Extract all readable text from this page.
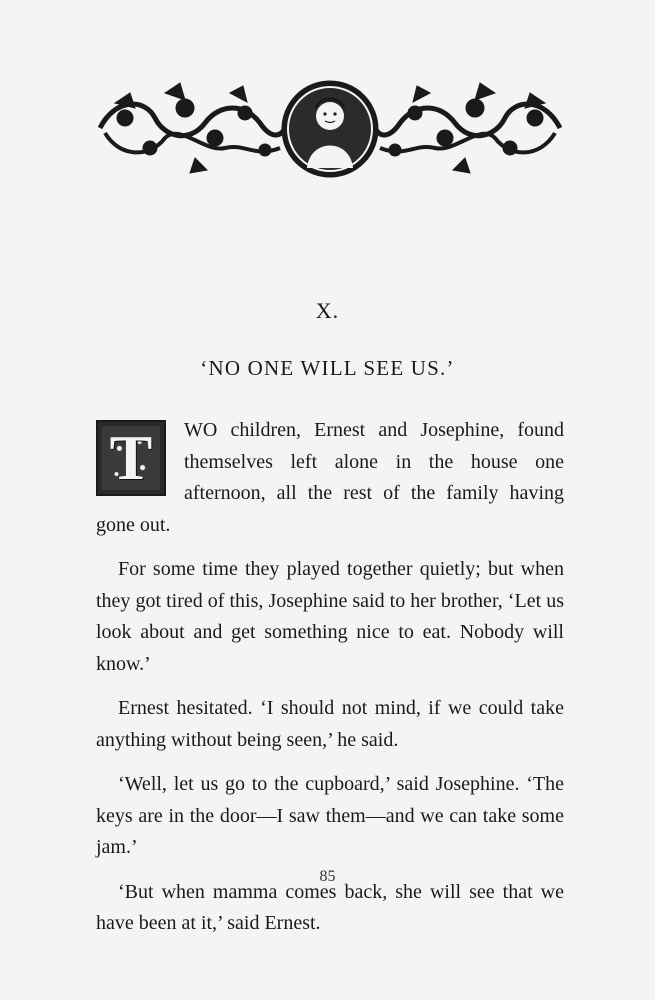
X.
‘NO ONE WILL SEE US.’

T WO children, Ernest and Josephine, found themselves left alone in the house one afternoon, all the rest of the family having gone out.

For some time they played together quietly; but when they got tired of this, Josephine said to her brother, ‘Let us look about and get something nice to eat. Nobody will know.’

Ernest hesitated. ‘I should not mind, if we could take anything without being seen,’ he said.

‘Well, let us go to the cupboard,’ said Josephine. ‘The keys are in the door—I saw them—and we can take some jam.’

‘But when mamma comes back, she will see that we have been at it,’ said Ernest.

85
